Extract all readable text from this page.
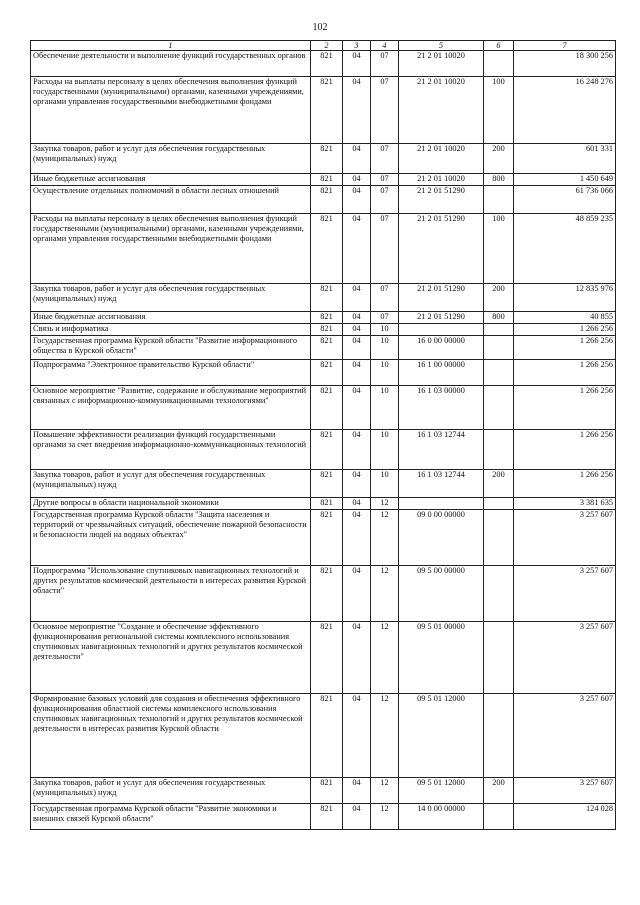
102
1	2	3	4	5	6	7
Обеспечение деятельности и выполнение функций государственных органов	821	04	07	21 2 01 10020		18 300 256
Расходы на выплаты персоналу в целях обеспечения выполнения функций государственными (муниципальными) органами, казенными учреждениями, органами управления государственными внебюджетными фондами	821	04	07	21 2 01 10020	100	16 248 276
Закупка товаров, работ и услуг для обеспечения государственных (муниципальных) нужд	821	04	07	21 2 01 10020	200	601 331
Иные бюджетные ассигнования	821	04	07	21 2 01 10020	800	1 450 649
Осуществление отдельных полномочий в области лесных отношений	821	04	07	21 2 01 51290		61 736 066
Расходы на выплаты персоналу в целях обеспечения выполнения функций государственными (муниципальными) органами, казенными учреждениями, органами управления государственными внебюджетными фондами	821	04	07	21 2 01 51290	100	48 859 235
Закупка товаров, работ и услуг для обеспечения государственных (муниципальных) нужд	821	04	07	21 2 01 51290	200	12 835 976
Иные бюджетные ассигнования	821	04	07	21 2 01 51290	800	40 855
Связь и информатика	821	04	10			1 266 256
Государственная программа Курской области "Развитие информационного общества в Курской области"	821	04	10	16 0 00 00000		1 266 256
Подпрограмма "Электронное правительство Курской области"	821	04	10	16 1 00 00000		1 266 256
Основное мероприятие "Развитие, содержание и обслуживание мероприятий связанных с информационно-коммуникационными технологиями"	821	04	10	16 1 03 00000		1 266 256
Повышение эффективности реализации функций государственными органами за счет внедрения информационно-коммуникационных технологий	821	04	10	16 1 03 12744		1 266 256
Закупка товаров, работ и услуг для обеспечения государственных (муниципальных) нужд	821	04	10	16 1 03 12744	200	1 266 256
Другие вопросы в области национальной экономики	821	04	12			3 381 635
Государственная программа Курской области "Защита населения и территорий от чрезвычайных ситуаций, обеспечение пожарной безопасности и безопасности людей на водных объектах"	821	04	12	09 0 00 00000		3 257 607
Подпрограмма "Использование спутниковых навигационных технологий и других результатов космической деятельности в интересах развития Курской области"	821	04	12	09 5 00 00000		3 257 607
Основное мероприятие "Создание и обеспечение эффективного функционирования региональной системы комплексного использования спутниковых навигационных технологий и других результатов космической деятельности"	821	04	12	09 5 01 00000		3 257 607
Формирование базовых условий для создания и обеспечения эффективного функционирования областной системы комплексного использования спутниковых навигационных технологий и других результатов космической деятельности в интересах развития Курской области	821	04	12	09 5 01 12000		3 257 607
Закупка товаров, работ и услуг для обеспечения государственных (муниципальных) нужд	821	04	12	09 5 01 12000	200	3 257 607
Государственная программа Курской области "Развитие экономики и внешних связей Курской области"	821	04	12	14 0 00 00000		124 028
